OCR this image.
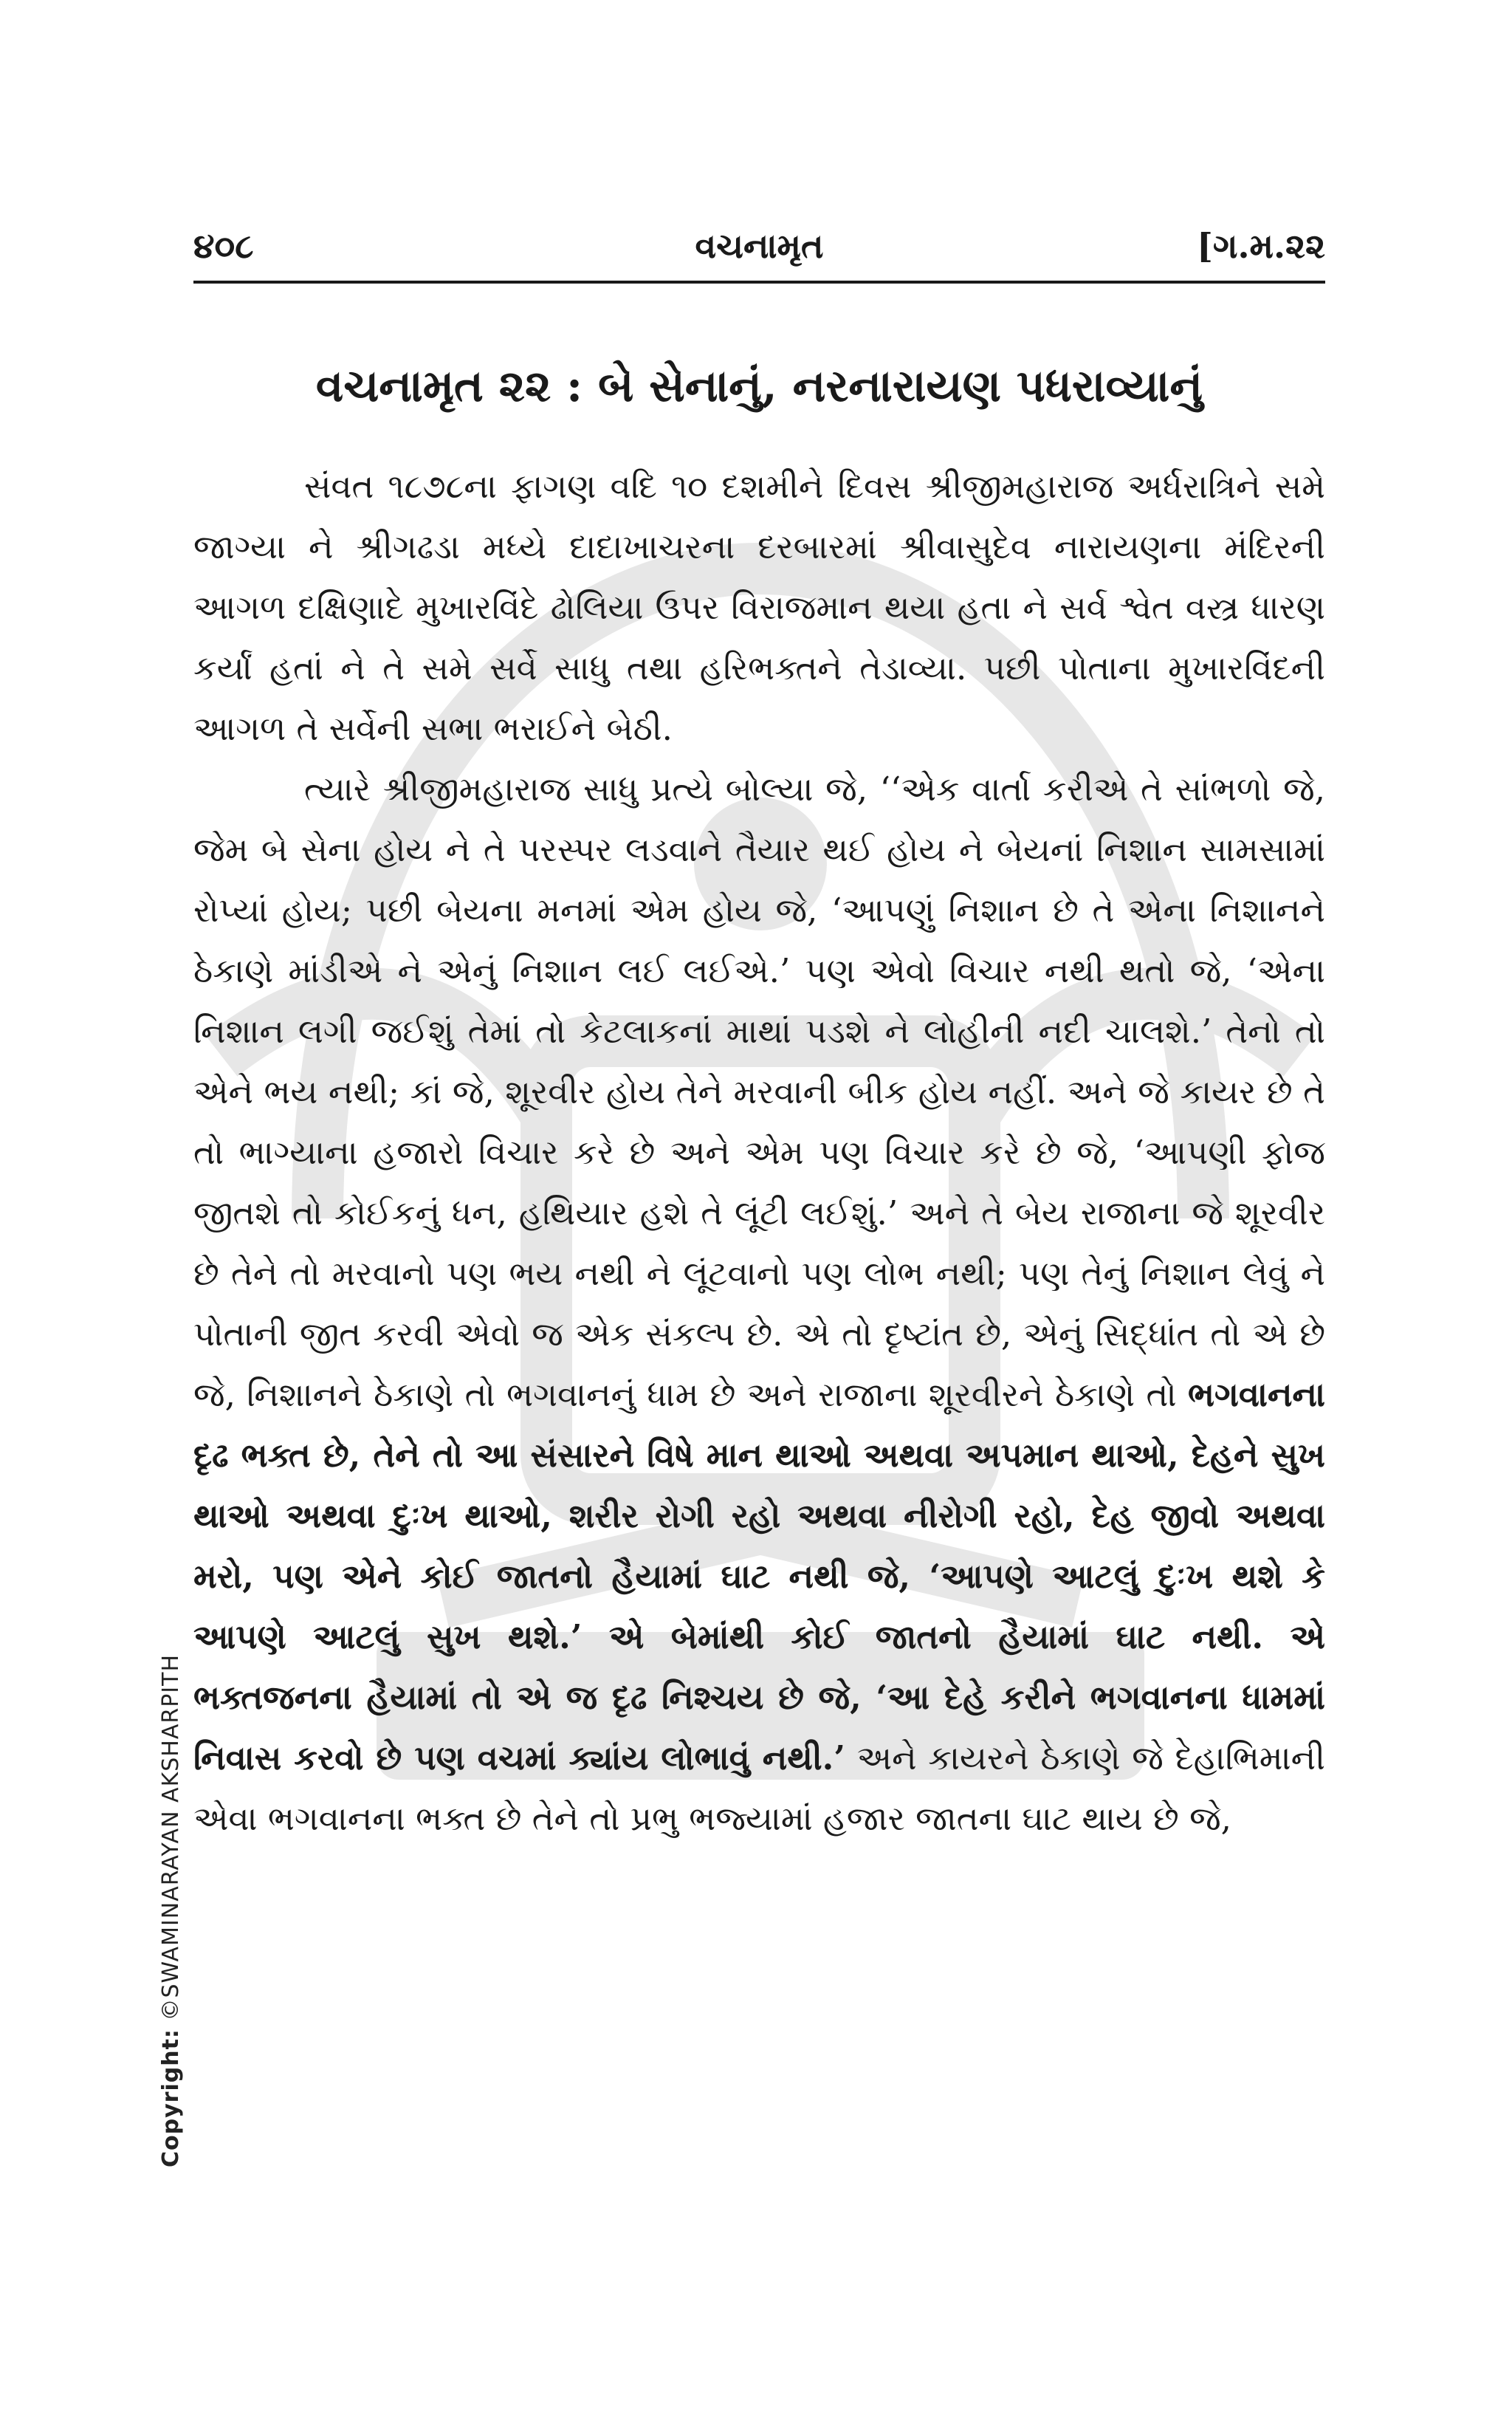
૪૦૮	વચનામૃત	[ગ.મ.૨૨
વચનામૃત ૨૨ : બે સેનાનું, નરનારાયણ પધરાવ્યાનું

સંવત ૧૮૭૮ના ફાગણ વદિ ૧૦ દશમીને દિવસ શ્રીજીમહારાજ અર્ધરાત્રિને સમે જાગ્યા ને શ્રીગઢડા મધ્યે દાદાખાચરના દરબારમાં શ્રીવાસુદેવ નારાયણના મંદિરની આગળ દક્ષિણાદે મુખારવિંદે ઢોલિયા ઉપર વિરાજમાન થયા હતા ને સર્વ શ્વેત વસ્ત્ર ધારણ કર્યાં હતાં ને તે સમે સર્વે સાધુ તથા હરિભક્તને તેડાવ્યા. પછી પોતાના મુખારવિંદની આગળ તે સર્વેની સભા ભરાઈને બેઠી.

ત્યારે શ્રીજીમહારાજ સાધુ પ્રત્યે બોલ્યા જે, ‘‘એક વાર્તા કરીએ તે સાંભળો જે, જેમ બે સેના હોય ને તે પરસ્પર લડવાને તૈયાર થઈ હોય ને બેયનાં નિશાન સામસામાં રોપ્યાં હોય; પછી બેયના મનમાં એમ હોય જે, ‘આપણું નિશાન છે તે એના નિશાનને ઠેકાણે માંડીએ ને એનું નિશાન લઈ લઈએ.’ પણ એવો વિચાર નથી થતો જે, ‘એના નિશાન લગી જઈશું તેમાં તો કેટલાકનાં માથાં પડશે ને લોહીની નદી ચાલશે.’ તેનો તો એને ભય નથી; કાં જે, શૂરવીર હોય તેને મરવાની બીક હોય નહીં. અને જે કાયર છે તે તો ભાગ્યાના હજારો વિચાર કરે છે અને એમ પણ વિચાર કરે છે જે, ‘આપણી ફોજ જીતશે તો કોઈકનું ધન, હથિયાર હશે તે લૂંટી લઈશું.’ અને તે બેય રાજાના જે શૂરવીર છે તેને તો મરવાનો પણ ભય નથી ને લૂંટવાનો પણ લોભ નથી; પણ તેનું નિશાન લેવું ને પોતાની જીત કરવી એવો જ એક સંકલ્પ છે. એ તો દૃષ્ટાંત છે, એનું સિદ્ધાંત તો એ છે જે, નિશાનને ઠેકાણે તો ભગવાનનું ધામ છે અને રાજાના શૂરવીરને ઠેકાણે તો ભગવાનના દૃઢ ભક્ત છે, તેને તો આ સંસારને વિષે માન થાઓ અથવા અપમાન થાઓ, દેહને સુખ થાઓ અથવા દુઃખ થાઓ, શરીર રોગી રહો અથવા નીરોગી રહો, દેહ જીવો અથવા મરો, પણ એને કોઈ જાતનો હૈયામાં ઘાટ નથી જે, ‘આપણે આટલું દુઃખ થશે કે આપણે આટલું સુખ થશે.’ એ બેમાંથી કોઈ જાતનો હૈયામાં ઘાટ નથી. એ ભક્તજનના હૈયામાં તો એ જ દૃઢ નિશ્ચય છે જે, ‘આ દેહે કરીને ભગવાનના ધામમાં નિવાસ કરવો છે પણ વચમાં ક્યાંય લોભાવું નથી.’ અને કાયરને ઠેકાણે જે દેહાભિમાની એવા ભગવાનના ભક્ત છે તેને તો પ્રભુ ભજ્યામાં હજાર જાતના ઘાટ થાય છે જે,

Copyright: ©SWAMINARAYAN AKSHARPITH
